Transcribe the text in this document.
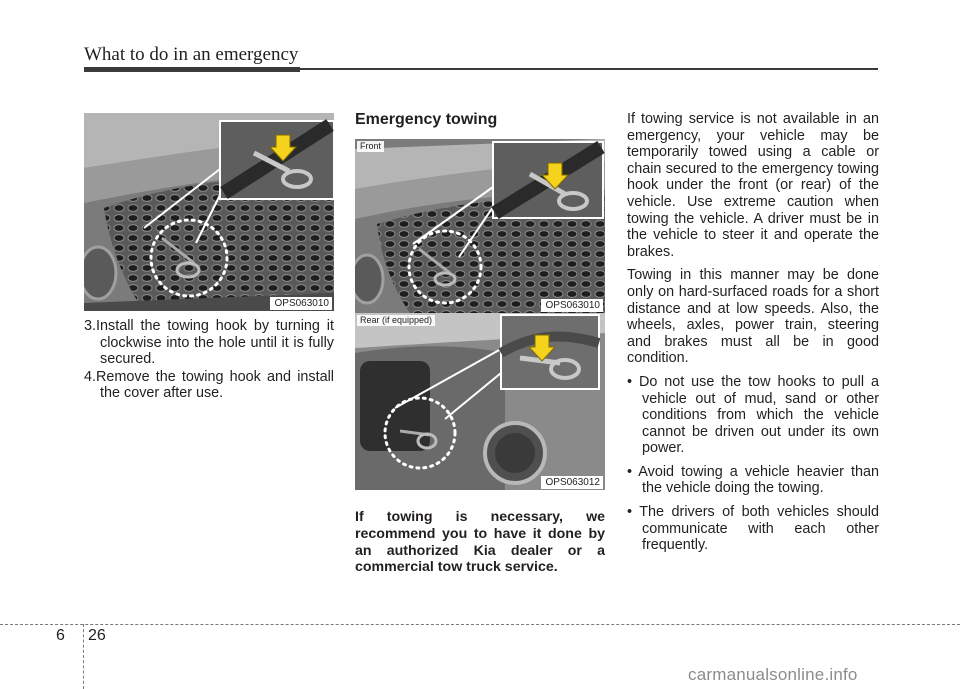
What to do in an emergency
OPS063010

3.Install the towing hook by turning it clockwise into the hole until it is fully secured.

4.Remove the towing hook and install the cover after use.

Emergency towing
Front
OPS063010
Rear (if equipped)
OPS063012
If towing is necessary, we recommend you to have it done by an authorized Kia dealer or a commercial tow truck service.

If towing service is not available in an emergency, your vehicle may be temporarily towed using a cable or chain secured to the emergency towing hook under the front (or rear) of the vehicle. Use extreme caution when towing the vehicle. A driver must be in the vehicle to steer it and operate the brakes.

Towing in this manner may be done only on hard-surfaced roads for a short distance and at low speeds. Also, the wheels, axles, power train, steering and brakes must all be in good condition.

• Do not use the tow hooks to pull a vehicle out of mud, sand or other conditions from which the vehicle cannot be driven out under its own power.

• Avoid towing a vehicle heavier than the vehicle doing the towing.

• The drivers of both vehicles should communicate with each other frequently.

6 26
carmanualsonline.info
